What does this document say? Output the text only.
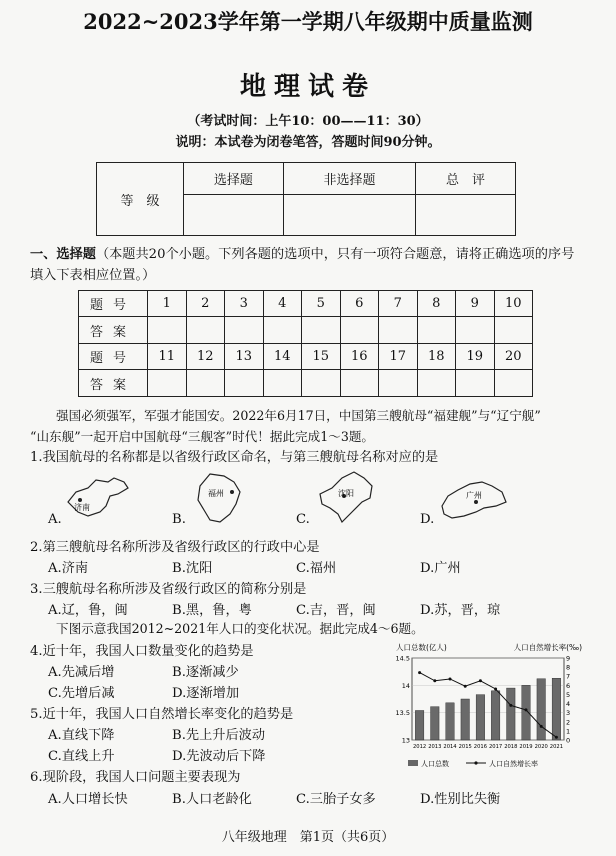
2022~2023学年第一学期八年级期中质量监测
地理试卷
（考试时间：上午10：00——11：30）
说明：本试卷为闭卷笔答，答题时间90分钟。
等　级	选择题	非选择题	总　评

一、选择题（本题共20个小题。下列各题的选项中，只有一项符合题意，请将正确选项的序号
填入下表相应位置。）
题号	1	2	3	4	5	6	7	8	9	10
答案										
题号	11	12	13	14	15	16	17	18	19	20
答案										
强国必须强军，军强才能国安。2022年6月17日，中国第三艘航母“福建舰”与“辽宁舰”
“山东舰”一起开启中国航母“三舰客”时代！据此完成1～3题。
1.我国航母的名称都是以省级行政区命名，与第三艘航母名称对应的是
A.	B.	C.	D.
济南
福州	沈阳	广州
2.第三艘航母名称所涉及省级行政区的行政中心是
A.济南	B.沈阳	C.福州	D.广州
3.三艘航母名称所涉及省级行政区的简称分别是
A.辽，鲁，闽	B.黑，鲁，粤	C.吉，晋，闽	D.苏，晋，琼
下图示意我国2012~2021年人口的变化状况。据此完成4～6题。
4.近十年，我国人口数量变化的趋势是
A.先减后增	B.逐渐减少
C.先增后减	D.逐渐增加
5.近十年，我国人口自然增长率变化的趋势是
A.直线下降	B.先上升后波动
C.直线上升	D.先波动后下降
6.现阶段，我国人口问题主要表现为
A.人口增长快	B.人口老龄化	C.三胎子女多	D.性别比失衡
人口总数(亿人)	人口自然增长率(‰)
13
13.5
14
14.5
0
1
2
3
4
5
6
7
8
9
2012 2013 2014 2015 2016 2017 2018 2019 2020 2021
人口总数	人口自然增长率
八年级地理　第1页（共6页）
